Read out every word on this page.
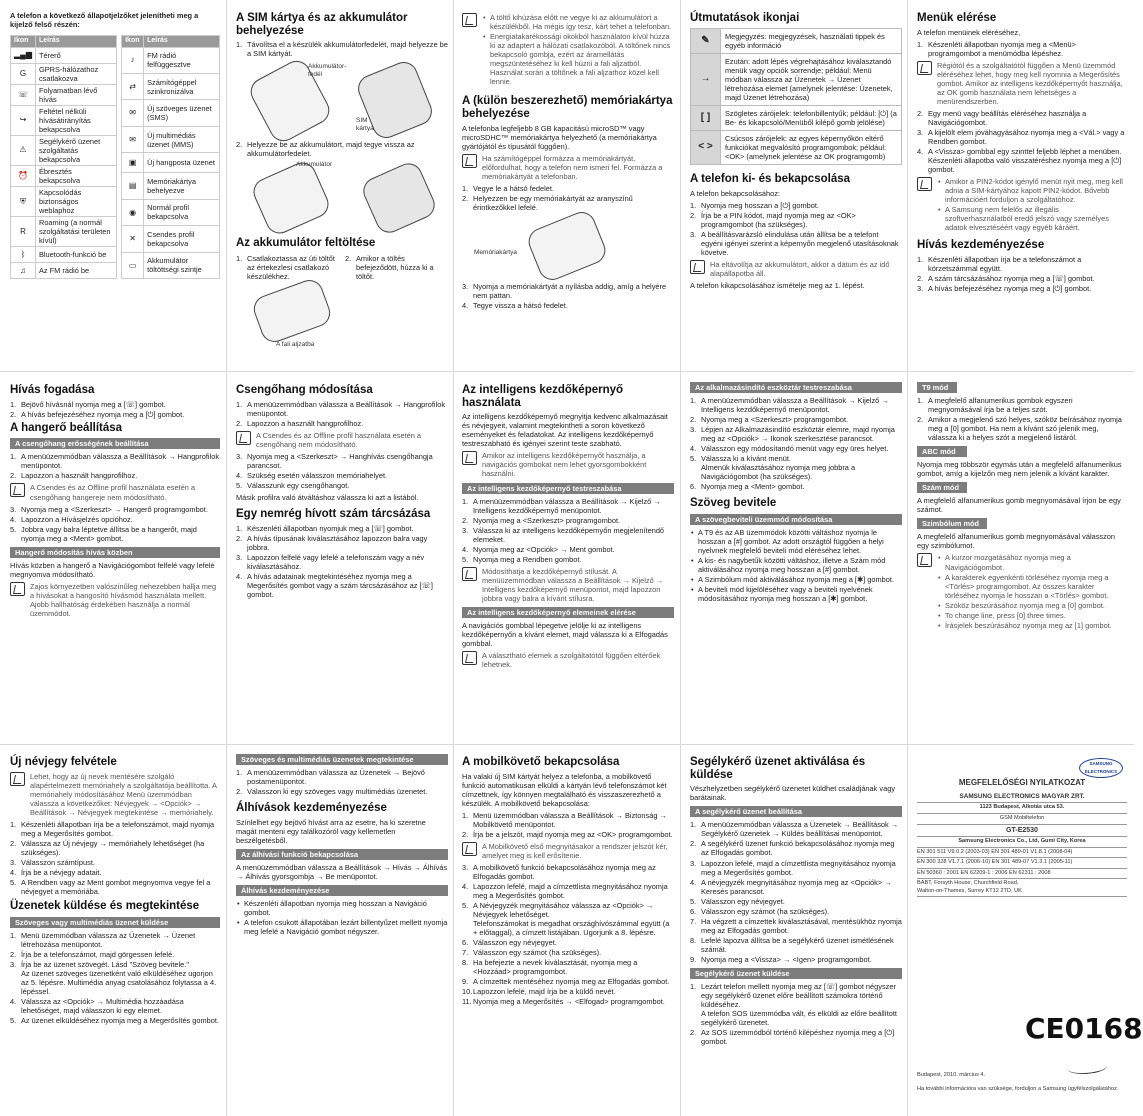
A telefon a következő állapotjelzőket jelenítheti meg a kijelző felső részén:

Ikon	Leírás
▂▄▆	Térerő
G	GPRS-hálózathoz csatlakozva
☏	Folyamatban lévő hívás
↪	Feltétel nélküli hívásátirányítás bekapcsolva
⚠	Segélykérő üzenet szolgáltatás bekapcsolva
⏰	Ébresztés bekapcsolva
⛨	Kapcsolódás biztonságos weblaphoz
R	Roaming (a normál szolgáltatási területen kívül)
ᛒ	Bluetooth-funkció be
♫	Az FM rádió be
Ikon	Leírás
♪	FM rádió felfüggesztve
⇄	Számítógéppel szinkronizálva
✉	Új szöveges üzenet (SMS)
✉	Új multimédiás üzenet (MMS)
▣	Új hangposta üzenet
▤	Memóriakártya behelyezve
◉	Normál profil bekapcsolva
✕	Csendes profil bekapcsolva
▭	Akkumulátor töltöttségi szintje
A SIM kártya és az akkumulátor behelyezése
Távolítsa el a készülék akkumulátorfedelét, majd helyezze be a SIM kártyát.
Akkumulátor-fedél
SIM kártya
Helyezze be az akkumulátort, majd tegye vissza az akkumulátorfedelet.
Akkumulátor
Az akkumulátor feltöltése
Csatlakoztassa az úti töltőt az értekezlesi csatlakozó készülékhez.
Amikor a töltés befejeződött, húzza ki a töltőt.
A fali aljzatba
• A töltő kihúzása előtt ne vegye ki az akkumulátort a készülékből. Ha mégis így tesz, kárt tehet a telefonban.
• Energiatakarékossági okokból használaton kívül húzza ki az adaptert a hálózati csatlakozóból. A töltőnek nincs bekapcsoló gombja, ezért az áramellátás megszüntetéséhez ki kell húzni a fali aljzatból. Használat során a töltőnek a fali aljzathoz közel kell lennie.
A (külön beszerezhető) memóriakártya behelyezése

A telefonba legfeljebb 8 GB kapacitású microSD™ vagy microSDHC™ memóriakártya helyezhető (a memóriakártya gyártójától és típusától függően).

Ha számítógéppel formázza a memóriakártyát, előfordulhat, hogy a telefon nem ismeri fel. Formázza a memóriakártyát a telefonban.
Vegye le a hátsó fedelet.
Helyezzen be egy memóriakártyát az aranyszínű érintkezőkkel lefelé.
Memóriakártya
Nyomja a memóriakártyát a nyílásba addig, amíg a helyére nem pattan.
Tegye vissza a hátsó fedelet.
Útmutatások ikonjai
✎	Megjegyzés: megjegyzések, használati tippek és egyéb információ
→	Ezután: adott lépés végrehajtásához kiválasztandó menük vagy opciók sorrendje; például: Menü módban válassza az Üzenetek → Üzenet létrehozása elemet (amelynek jelentése: Üzenetek, majd Üzenet létrehozása)
[ ]	Szögletes zárójelek: telefonbillentyűk; például: [⏻] (a Be- és kikapcsoló/Menüből kilépő gomb jelölése)
< >	Csúcsos zárójelek: az egyes képernyőkön eltérő funkciókat megvalósító programgombok; például: <OK> (amelynek jelentése az OK programgomb)
A telefon ki- és bekapcsolása

A telefon bekapcsolásához:

Nyomja meg hosszan a [⏻] gombot.
Írja be a PIN kódot, majd nyomja meg az <OK> programgombot (ha szükséges).
A beállításvarázsló elindulása után állítsa be a telefont egyéni igényei szerint a képernyőn megjelenő utasításoknak követve.
Ha eltávolítja az akkumulátort, akkor a dátum és az idő alapállapotba áll.

A telefon kikapcsolásához ismételje meg az 1. lépést.

Menük elérése

A telefon menüinek eléréséhez,

Készenléti állapotban nyomja meg a <Menü> programgombot a menümódba lépéshez.
Régiótól és a szolgáltatótól függően a Menü üzemmód eléréséhez lehet, hogy meg kell nyomnia a Megerősítés gombot. Amikor az intelligens kezdőképernyőt használja, az OK gomb használata nem lehetséges a menürendszerben.
Egy menü vagy beállítás eléréséhez használja a Navigációgombot.
A kijelölt elem jóváhagyásához nyomja meg a <Vál.> vagy a Rendben gombot.
A <Vissza> gombbal egy szinttel feljebb léphet a menüben. Készenléti állapotba való visszatéréshez nyomja meg a [⏻] gombot.
• Amikor a PIN2-kódot igénylő menüt nyit meg, meg kell adnia a SIM-kártyához kapott PIN2-kódot. Bővebb információért forduljon a szolgáltatóhoz.
• A Samsung nem felelős az illegális szoftverhasználatból eredő jelszó vagy személyes adatok elvesztéséért vagy egyéb káráért.
Hívás kezdeményezése
Készenléti állapotban írja be a telefonszámot a körzetszámmal együtt.
A szám tárcsázásához nyomja meg a [☏] gombot.
A hívás befejezéséhez nyomja meg a [⏻] gombot.
Hívás fogadása
Bejövő hívásnál nyomja meg a [☏] gombot.
A hívás befejezéséhez nyomja meg a [⏻] gombot.
A hangerő beállítása
A csengőhang erősségének beállítása
A menüüzemmódban válassza a Beállítások → Hangprofilok menüpontot.
Lapozzon a használt hangprofilhoz.
A Csendes és az Offline profil használata esetén a csengőhang hangereje nem módosítható.
Nyomja meg a <Szerkeszt> → Hangerő programgombot.
Lapozzon a Hívásjelzés opcióhoz.
Jobbra vagy balra léptetve állítsa be a hangerőt, majd nyomja meg a <Ment> gombot.
Hangerő módosítás hívás közben

Hívás közben a hangerő a Navigációgombot felfelé vagy lefelé megnyomva módosítható.

Zajos környezetben valószínűleg nehezebben hallja meg a hívásokat a hangosító hívásmód használata mellett. Ajobb hallhatóság érdekében használja a normál üzemmódot.
Csengőhang módosítása
A menüüzemmódban válassza a Beállítások → Hangprofilok menüpontot.
Lapozzon a használt hangprofilhoz.
A Csendes és az Offline profil használata esetén a csengőhang nem módosítható.
Nyomja meg a <Szerkeszt> → Hanghívás csengőhangja parancsot.
Szükség esetén válasszon memóriahelyet.
Válasszunk egy csengőhangot.

Másik profilra való átváltáshoz válassza ki azt a listából.

Egy nemrég hívott szám tárcsázása
Készenléti állapotban nyomjuk meg a [☏] gombot.
A hívás típusának kiválasztásához lapozzon balra vagy jobbra.
Lapozzon felfelé vagy lefelé a telefonszám vagy a név kiválasztásához.
A hívás adatainak megtekintéséhez nyomja meg a Megerősítés gombot vagy a szám tárcsázásához az [☏] gombot.
Az intelligens kezdőképernyő használata

Az intelligens kezdőképernyő megnyitja kedvenc alkalmazásait és névjegyeit, valamint megtekintheti a soron következő eseményeket és feladatokat. Az intelligens kezdőképernyő testreszabható és igényei szerint teste szabható.

Amikor az intelligens kezdőképernyőt használja, a navigációs gombokat nem lehet gyorsgombokként használni.
Az intelligens kezdőképernyő testreszabása
A menüüzemmódban válassza a Beállítások → Kijelző → Intelligens kezdőképernyő menüpontot.
Nyomja meg a <Szerkeszt> programgombot.
Válassza ki az intelligens kezdőképernyőn megjelenítendő elemeket.
Nyomja meg az <Opciók> → Ment gombot.
Nyomja meg a Rendben gombot.
Módosíthatja a kezdőképernyő stílusát. A menüüzemmódban válassza a Beállítások → Kijelző → Intelligens kezdőképernyő menüpontot, majd lapozzon jobbra vagy balra a kívánt stílusra.
Az intelligens kezdőképernyő elemeinek elérése

A navigációs gombbal lépegetve jelölje ki az intelligens kezdőképernyőn a kívánt elemet, majd válassza ki a Elfogadás gombbal.

A választható elemek a szolgáltatótól függően eltérőek lehetnek.
Az alkalmazásindító eszköztár testreszabása
A menüüzemmódban válassza a Beállítások → Kijelző → Intelligens kezdőképernyő menüpontot.
Nyomja meg a <Szerkeszt> programgombot.
Lépjen az Alkalmazásindító eszköztár elemre, majd nyomja meg az <Opciók> → Ikonok szerkesztése parancsot.
Válasszon egy módosítandó menüt vagy egy üres helyet.
Válassza ki a kívánt menüt.
Almenük kiválasztásához nyomja meg jobbra a Navigációgombot (ha szükséges).
Nyomja meg a <Ment> gombot.
Szöveg bevitele
A szövegbeviteli üzemmód módosítása
• A T9 és az AB üzemmódok közötti váltáshoz nyomja le hosszan a [#] gombot. Az adott országtól függően a helyi nyelvnek megfelelő beviteli mód eléréséhez lehet.
• A kis- és nagybetűk közötti váltáshoz, illetve a Szám mód aktiválásához nyomja meg hosszan a [#] gombot.
• A Szimbólum mód aktiválásához nyomja meg a [✱] gombot.
• A beviteli mód kijelöléséhez vagy a beviteli nyelvének módosításához nyomja meg hosszan a [✱] gombot.
T9 mód
A megfelelő alfanumerikus gombok egyszeri megnyomásával írja be a teljes szót.
Amikor a megjelenő szó helyes, szóköz beírásához nyomja meg a [0] gombot. Ha nem a kívánt szó jelenik meg, válassza ki a helyes szót a megjelenő listáról.
ABC mód

Nyomja meg többször egymás után a megfelelő alfanumerikus gombot, amíg a kijelzőn meg nem jelenik a kívánt karakter.

Szám mód

A megfelelő alfanumerikus gomb megnyomásával írjon be egy számot.

Szimbólum mód

A megfelelő alfanumerikus gomb megnyomásával válasszon egy szimbólumot.

• A kurzor mozgatásához nyomja meg a Navigációgombot.
• A karakterek egyenkénti törléséhez nyomja meg a <Törlés> programgombot. Az összes karakter törléséhez nyomja le hosszan a <Törlés> gombot.
• Szóköz beszúrásához nyomja meg a [0] gombot.
• To change line, press [0] three times.
• Írásjelek beszúrásához nyomja meg az [1] gombot.
Új névjegy felvétele
Lehet, hogy az új nevek mentésére szolgáló alapértelmezett memóriahely a szolgáltatója beállította. A memóriahely módosításához Menü üzemmódban válassza a következőket: Névjegyek → <Opciók> → Beállítások → Névjegyek megtekintése → memóriahely.
Készenléti állapotban írja be a telefonszámot, majd nyomja meg a Megerősítés gombot.
Válassza az Új névjegy → memóriahely lehetőséget (ha szükséges).
Válasszon számtípust.
Írja be a névjegy adatait.
A Rendben vagy az Ment gombot megnyomva vegye fel a névjegyet a memóriába.
Üzenetek küldése és megtekintése
Szöveges vagy multimédiás üzenet küldése
Menü üzemmódban válassza az Üzenetek → Üzenet létrehozása menüpontot.
Írja be a telefonszámot, majd görgessen lefelé.
Írja be az üzenet szövegét. Lásd "Szöveg bevitele."
Az üzenet szöveges üzenetként való elküldéséhez ugorjon az 5. lépésre. Multimédia anyag csatolásához folytassa a 4. lépéssel.
Válassza az <Opciók> → Multimédia hozzáadása lehetőséget, majd válasszon ki egy elemet.
Az üzenet elküldéséhez nyomja meg a Megerősítés gombot.
Szöveges és multimédiás üzenetek megtekintése
A menüüzemmódban válassza az Üzenetek → Bejövő postamenüpontot.
Válasszon ki egy szöveges vagy multimédiás üzenetet.
Álhívások kezdeményezése

Színlelhet egy bejövő hívást arra az esetre, ha ki szeretne magát menteni egy találkozóról vagy kellemetlen beszélgetésből.

Az álhívási funkció bekapcsolása

A menüüzemmódban válassza a Beállítások → Hívás → Álhívás → Álhívás gyorsgombja → Be menüpontot.

Álhívás kezdeményezése
• Készenléti állapotban nyomja meg hosszan a Navigáció gombot.
• A telefon csukott állapotában lezárt billentyűzet mellett nyomja meg lefelé a Navigáció gombot négyszer.
A mobilkövető bekapcsolása

Ha valaki új SIM kártyát helyez a telefonba, a mobilkövető funkció automatikusan elküldi a kártyán lévő telefonszámot két címzettnek, így könnyen megtalálható és visszaszerezhető a készülék. A mobilkövető bekapcsolása:

Menü üzemmódban válassza a Beállítások → Biztonság → Mobilkövető menüpontot.
Írja be a jelszót, majd nyomja meg az <OK> programgombot.
A Mobilkövető első megnyitásakor a rendszer jelszót kér, amelyet meg is kell erősítenie.
A mobilkövető funkció bekapcsolásához nyomja meg az Elfogadás gombot.
Lapozzon lefelé, majd a címzettlista megnyitásához nyomja meg a Megerősítés gombot.
A Névjegyzék megnyitásához válassza az <Opciók> → Névjegyek lehetőséget.
Telefonszámokat is megadhat országhívószámmal együtt (a + előtaggal), a címzett listájában. Ugorjunk a 8. lépésre.
Válasszon egy névjegyet.
Válasszon egy számot (ha szükséges).
Ha befejezte a nevek kiválasztását, nyomja meg a <Hozzáad> programgombot.
A címzettek mentéséhez nyomja meg az Elfogadás gombot.
Lapozzon lefelé, majd írja be a küldő nevét.
Nyomja meg a Megerősítés → <Elfogad> programgombot.
Segélykérő üzenet aktiválása és küldése

Vészhelyzetben segélykérő üzenetet küldhet családjának vagy barátainak.

A segélykérő üzenet beállítása
A menüüzemmódban válassza a Üzenetek → Beállítások → Segélykérő üzenetek → Küldés beállításai menüpontot.
A segélykérő üzenet funkció bekapcsolásához nyomja meg az Elfogadás gombot.
Lapozzon lefelé, majd a címzettlista megnyitásához nyomja meg a Megerősítés gombot.
A névjegyzék megnyitásához nyomja meg az <Opciók> → Keresés parancsot.
Válasszon egy névjegyet.
Válasszon egy számot (ha szükséges).
Ha végzett a címzettek kiválasztásával, mentésükhöz nyomja meg az Elfogadás gombot.
Lefelé lapozva állítsa be a segélykérő üzenet ismétlésének számát.
Nyomja meg a <Vissza> → <Igen> programgombot.
Segélykérő üzenet küldése
Lezárt telefon mellett nyomja meg az [☏] gombot négyszer egy segélykérő üzenet előre beállított számokra történő küldéséhez.
A telefon SOS üzemmódba vált, és elküldi az előre beállított segélykérő üzenetet.
Az SOS üzemmódból történő kilépéshez nyomja meg a [⏻] gombot.
SAMSUNG ELECTRONICS
MEGFELELŐSÉGI NYILATKOZAT
SAMSUNG ELECTRONICS MAGYAR ZRT.
1123 Budapest, Alkotás utca 53.
GSM Mobiltelefon
GT-E2530
Samsung Electronics Co., Ltd, Gumi City, Korea
EN 301 511 V9.0.2 (2003-03) EN 301 489-01 V1.8.1 (2008-04)
EN 300 328 V1.7.1 (2006-10) EN 301 489-07 V1.3.1 (2005-11)
EN 50360 : 2001 EN 62209-1 : 2006 EN 62311 : 2008
BABT, Forsyth House, Churchfield Road, Walton-on-Thames, Surrey KT12 2TD, UK
CE0168
Budapest, 2010. március 4.
Ha további információra van szüksége, forduljon a Samsung ügyfélszolgálatához.
